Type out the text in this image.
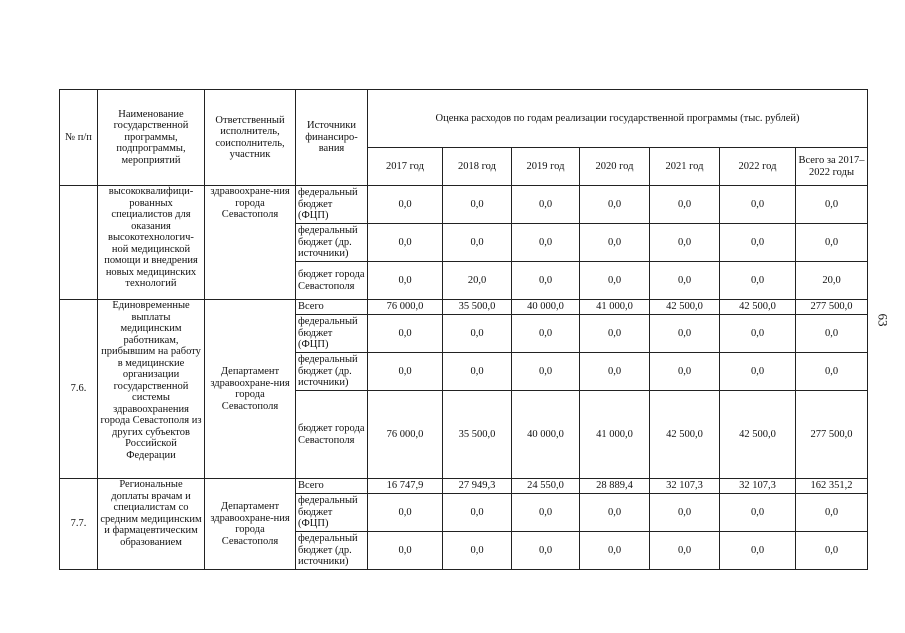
63
№ п/п	Наименование государственной программы, подпрограммы, мероприятий	Ответственный исполнитель, соисполнитель, участник	Источники финансиро-вания	Оценка расходов по годам реализации государственной программы (тыс. рублей)						
				2017 год	2018 год	2019 год	2020 год	2021 год	2022 год	Всего за 2017–2022 годы
	высококвалифици-рованных специалистов для оказания высокотехнологич-ной медицинской помощи и внедрения новых медицинских технологий	здравоохране-ния города Севастополя	федеральный бюджет (ФЦП)	0,0	0,0	0,0	0,0	0,0	0,0	0,0
			федеральный бюджет (др. источники)	0,0	0,0	0,0	0,0	0,0	0,0	0,0
			бюджет города Севастополя	0,0	20,0	0,0	0,0	0,0	0,0	20,0
7.6.	Единовременные выплаты медицинским работникам, прибывшим на работу в медицинские организации государственной системы здравоохранения города Севастополя из других субъектов Российской Федерации	Департамент здравоохране-ния города Севастополя	Всего	76 000,0	35 500,0	40 000,0	41 000,0	42 500,0	42 500,0	277 500,0
			федеральный бюджет (ФЦП)	0,0	0,0	0,0	0,0	0,0	0,0	0,0
			федеральный бюджет (др. источники)	0,0	0,0	0,0	0,0	0,0	0,0	0,0
			бюджет города Севастополя	76 000,0	35 500,0	40 000,0	41 000,0	42 500,0	42 500,0	277 500,0
7.7.	Региональные доплаты врачам и специалистам со средним медицинским и фармацевтическим образованием	Департамент здравоохране-ния города Севастополя	Всего	16 747,9	27 949,3	24 550,0	28 889,4	32 107,3	32 107,3	162 351,2
			федеральный бюджет (ФЦП)	0,0	0,0	0,0	0,0	0,0	0,0	0,0
			федеральный бюджет (др. источники)	0,0	0,0	0,0	0,0	0,0	0,0	0,0
